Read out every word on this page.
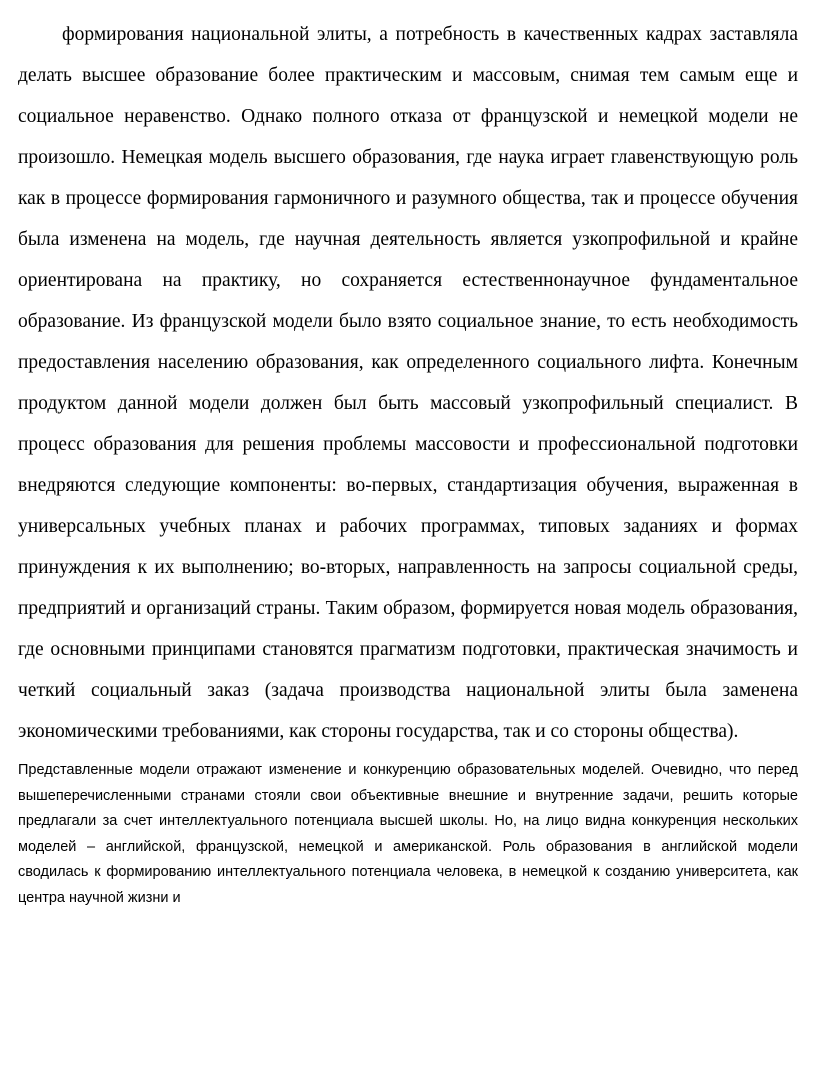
формирования национальной элиты, а потребность в качественных кадрах заставляла делать высшее образование более практическим и массовым, снимая тем самым еще и социальное неравенство. Однако полного отказа от французской и немецкой модели не произошло. Немецкая модель высшего образования, где наука играет главенствующую роль как в процессе формирования гармоничного и разумного общества, так и процессе обучения была изменена на модель, где научная деятельность является узкопрофильной и крайне ориентирована на практику, но сохраняется естественнонаучное фундаментальное образование. Из французской модели было взято социальное знание, то есть необходимость предоставления населению образования, как определенного социального лифта. Конечным продуктом данной модели должен был быть массовый узкопрофильный специалист. В процесс образования для решения проблемы массовости и профессиональной подготовки внедряются следующие компоненты: во-первых, стандартизация обучения, выраженная в универсальных учебных планах и рабочих программах, типовых заданиях и формах принуждения к их выполнению; во-вторых, направленность на запросы социальной среды, предприятий и организаций страны. Таким образом, формируется новая модель образования, где основными принципами становятся прагматизм подготовки, практическая значимость и четкий социальный заказ (задача производства национальной элиты была заменена экономическими требованиями, как стороны государства, так и со стороны общества).

Представленные модели отражают изменение и конкуренцию образовательных моделей. Очевидно, что перед вышеперечисленными странами стояли свои объективные внешние и внутренние задачи, решить которые предлагали за счет интеллектуального потенциала высшей школы. Но, на лицо видна конкуренция нескольких моделей – английской, французской, немецкой и американской. Роль образования в английской модели сводилась к формированию интеллектуального потенциала человека, в немецкой к созданию университета, как центра научной жизни и
